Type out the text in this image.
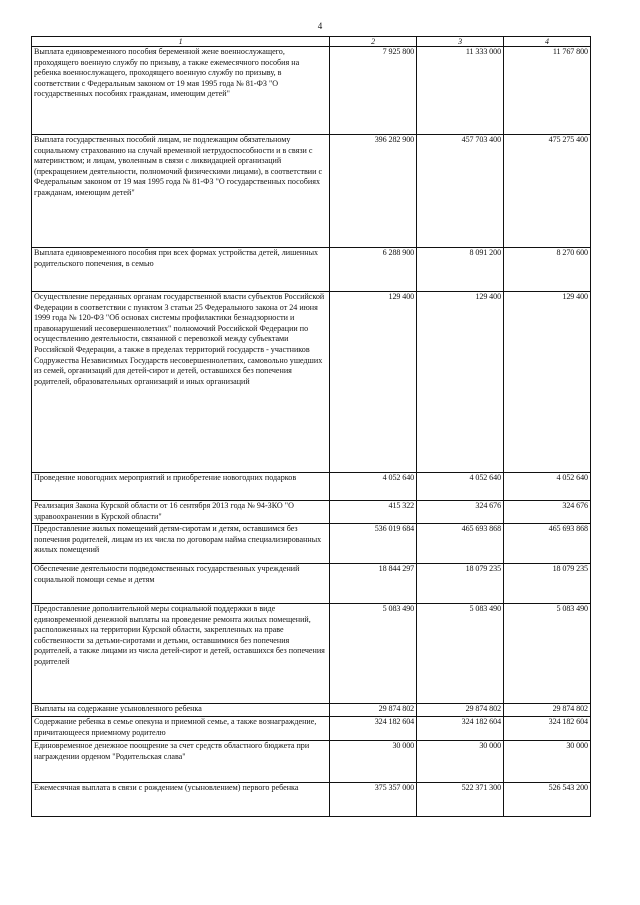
4
1	2	3	4
Выплата единовременного пособия беременной жене военнослужащего, проходящего военную службу по призыву, а также ежемесячного пособия на ребенка военнослужащего, проходящего военную службу по призыву, в соответствии с Федеральным законом от 19 мая 1995 года № 81-ФЗ "О государственных пособиях гражданам, имеющим детей"	7 925 800	11 333 000	11 767 800
Выплата государственных пособий лицам, не подлежащим обязательному социальному страхованию на случай временной нетрудоспособности и в связи с материнством; и лицам, уволенным в связи с ликвидацией организаций (прекращением деятельности, полномочий физическими лицами), в соответствии с Федеральным законом от 19 мая 1995 года № 81-ФЗ "О государственных пособиях гражданам, имеющим детей"	396 282 900	457 703 400	475 275 400
Выплата единовременного пособия при всех формах устройства детей, лишенных родительского попечения, в семью	6 288 900	8 091 200	8 270 600
Осуществление переданных органам государственной власти субъектов Российской Федерации в соответствии с пунктом 3 статьи 25 Федерального закона от 24 июня 1999 года № 120-ФЗ "Об основах системы профилактики безнадзорности и правонарушений несовершеннолетних" полномочий Российской Федерации по осуществлению деятельности, связанной с перевозкой между субъектами Российской Федерации, а также в пределах территорий государств - участников Содружества Независимых Государств несовершеннолетних, самовольно ушедших из семей, организаций для детей-сирот и детей, оставшихся без попечения родителей, образовательных организаций и иных организаций	129 400	129 400	129 400
Проведение новогодних мероприятий и приобретение новогодних подарков	4 052 640	4 052 640	4 052 640
Реализация Закона Курской области от 16 сентября 2013 года № 94-ЗКО "О здравоохранении в Курской области"	415 322	324 676	324 676
Предоставление жилых помещений детям-сиротам и детям, оставшимся без попечения родителей, лицам из их числа по договорам найма специализированных жилых помещений	536 019 684	465 693 868	465 693 868
Обеспечение деятельности подведомственных государственных учреждений социальной помощи семье и детям	18 844 297	18 079 235	18 079 235
Предоставление дополнительной меры социальной поддержки в виде единовременной денежной выплаты на проведение ремонта жилых помещений, расположенных на территории Курской области, закрепленных на праве собственности за детьми-сиротами и детьми, оставшимися без попечения родителей, а также лицами из числа детей-сирот и детей, оставшихся без попечения родителей	5 083 490	5 083 490	5 083 490
Выплаты на содержание усыновленного ребенка	29 874 802	29 874 802	29 874 802
Содержание ребенка в семье опекуна и приемной семье, а также вознаграждение, причитающееся приемному родителю	324 182 604	324 182 604	324 182 604
Единовременное денежное поощрение за счет средств областного бюджета при награждении орденом "Родительская слава"	30 000	30 000	30 000
Ежемесячная выплата в связи с рождением (усыновлением) первого ребенка	375 357 000	522 371 300	526 543 200
